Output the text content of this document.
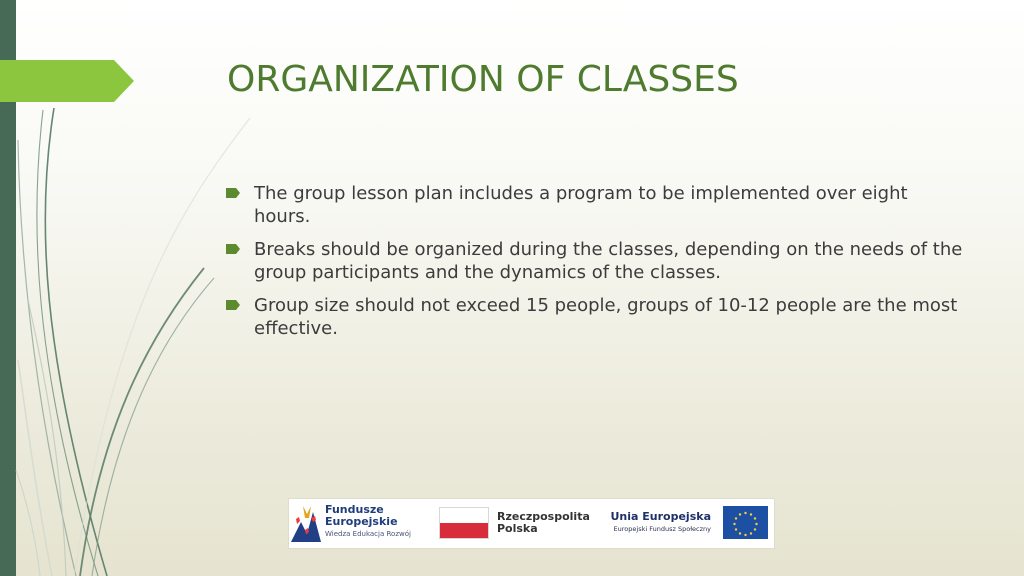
ORGANIZATION OF CLASSES
The group lesson plan includes a program to be implemented over eight hours.
Breaks should be organized during the classes, depending on the needs of the group participants and the dynamics of the classes.
Group size should not exceed 15 people, groups of 10-12 people are the most effective.
Fundusze
Europejskie
Wiedza Edukacja Rozwój
Rzeczpospolita
Polska
Unia Europejska
Europejski Fundusz Społeczny
